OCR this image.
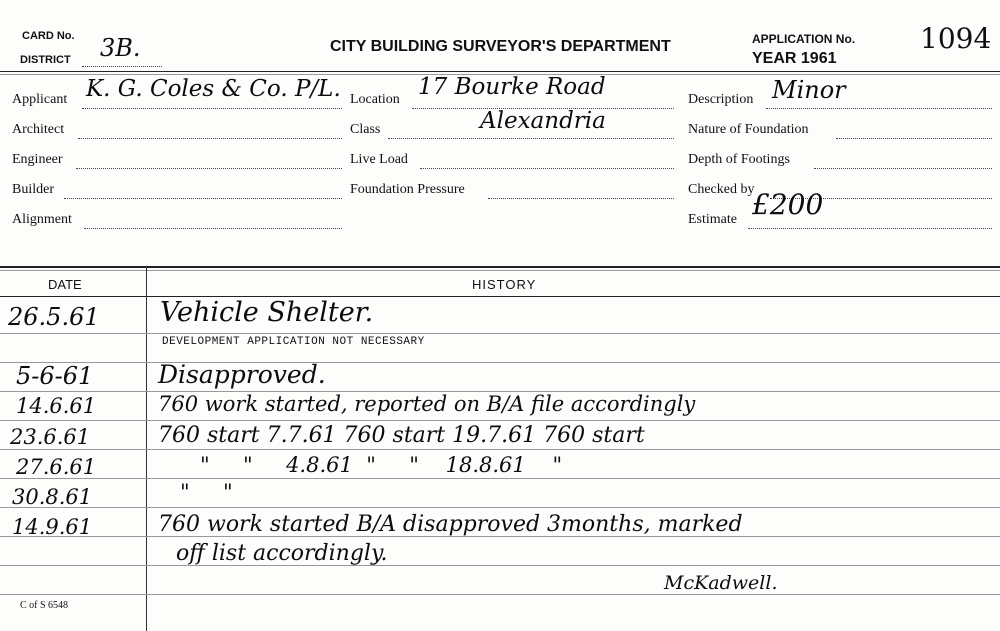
CARD No.
DISTRICT 3B.	CITY BUILDING SURVEYOR'S DEPARTMENT	APPLICATION No.
YEAR 1961
1094
Applicant K. G. Coles & Co. P/L.
Architect
Engineer
Builder
Alignment
Location 17 Bourke Road
Alexandria
Class
Live Load
Foundation Pressure
Description Minor
Nature of Foundation
Depth of Footings
Checked by
Estimate £200
DATE	HISTORY
26.5.61 Vehicle Shelter.
DEVELOPMENT APPLICATION NOT NECESSARY
5-6-61	Disapproved.
14.6.61	760 work started, reported on B/A file accordingly
23.6.61	760 start 7.7.61 760 start 19.7.61 760 start
27.6.61	"     "     4.8.61  "     "    18.8.61    "
30.8.61	"     "
14.9.61	760 work started B/A disapproved 3months, marked
off list accordingly.
McKadwell.
C of S 6548
